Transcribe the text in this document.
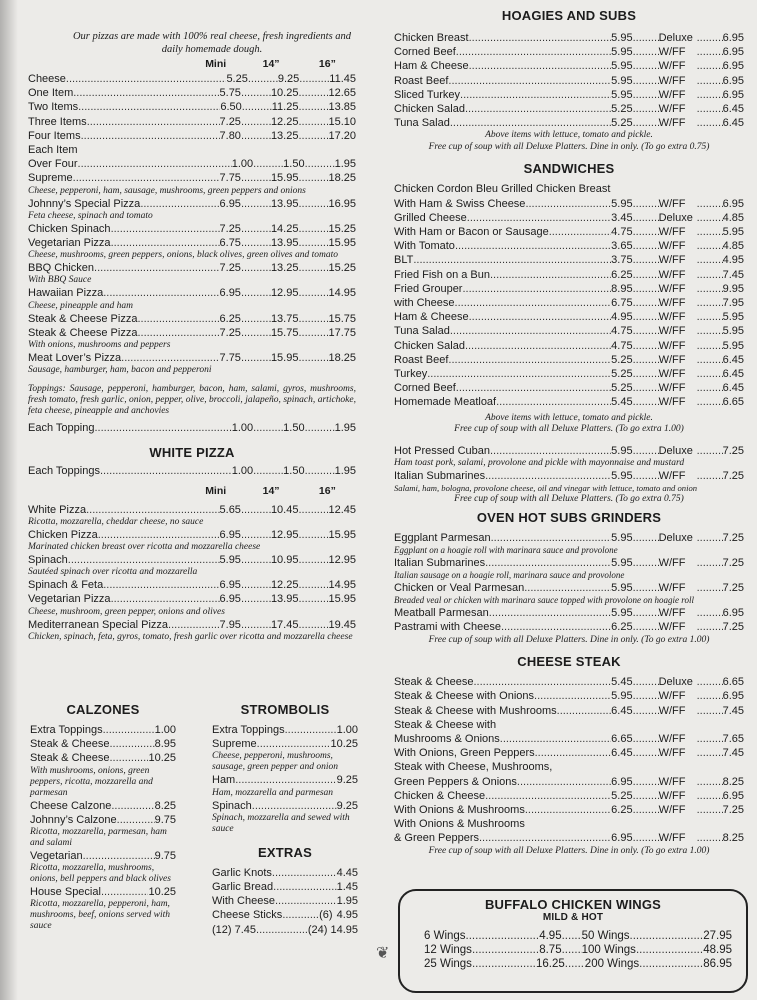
Our pizzas are made with 100% real cheese, fresh ingredients and daily homemade dough.
Mini	14”	16”
Cheese .....	5.25 .....	9.25 .....	11.45
One Item .....	5.75 .....	10.25 .....	12.65
Two Items .....	6.50 .....	11.25 .....	13.85
Three Items .....	7.25 .....	12.25 .....	15.10
Four Items .....	7.80 .....	13.25 .....	17.20
Each Item
Over Four .....	1.00 .....	1.50 .....	1.95
Supreme .....	7.75 .....	15.95 .....	18.25
Cheese, pepperoni, ham, sausage, mushrooms, green peppers and onions
Johnny’s Special Pizza .....	6.95 .....	13.95 .....	16.95
Feta cheese, spinach and tomato
Chicken Spinach .....	7.25 .....	14.25 .....	15.25
Vegetarian Pizza .....	6.75 .....	13.95 .....	15.95
Cheese, mushrooms, green peppers, onions, black olives, green olives and tomato
BBQ Chicken .....	7.25 .....	13.25 .....	15.25
With BBQ Sauce
Hawaiian Pizza .....	6.95 .....	12.95 .....	14.95
Cheese, pineapple and ham
Steak & Cheese Pizza .....	6.25 .....	13.75 .....	15.75
Steak & Cheese Pizza .....	7.25 .....	15.75 .....	17.75
With onions, mushrooms and peppers
Meat Lover’s Pizza .....	7.75 .....	15.95 .....	18.25
Sausage, hamburger, ham, bacon and pepperoni
Toppings: Sausage, pepperoni, hamburger, bacon, ham, salami, gyros, mushrooms, fresh tomato, fresh garlic, onion, pepper, olive, broccoli, jalapeño, spinach, artichoke, feta cheese, pineapple and anchovies
Each Topping .....	1.00 .....	1.50 .....	1.95
WHITE PIZZA
Each Toppings .....	1.00 .....	1.50 .....	1.95
Mini	14”	16”
White Pizza .....	5.65 .....	10.45 .....	12.45
Ricotta, mozzarella, cheddar cheese, no sauce
Chicken Pizza .....	6.95 .....	12.95 .....	15.95
Marinated chicken breast over ricotta and mozzarella cheese
Spinach .....	5.95 .....	10.95 .....	12.95
Sautéed spinach over ricotta and mozzarella
Spinach & Feta .....	6.95 .....	12.25 .....	14.95
Vegetarian Pizza .....	6.95 .....	13.95 .....	15.95
Cheese, mushroom, green pepper, onions and olives
Mediterranean Special Pizza .....	7.95 .....	17.45 .....	19.45
Chicken, spinach, feta, gyros, tomato, fresh garlic over ricotta and mozzarella cheese
CALZONES
Extra Toppings .....	1.00
Steak & Cheese .....	8.95
Steak & Cheese .....	10.25
With mushrooms, onions, green peppers, ricotta, mozzarella and parmesan
Cheese Calzone .....	8.25
Johnny’s Calzone .....	9.75
Ricotta, mozzarella, parmesan, ham and salami
Vegetarian .....	9.75
Ricotta, mozzarella, mushrooms, onions, bell peppers and black olives
House Special .....	10.25
Ricotta, mozzarella, pepperoni, ham, mushrooms, beef, onions served with sauce
STROMBOLIS
Extra Toppings .....	1.00
Supreme .....	10.25
Cheese, pepperoni, mushrooms, sausage, green pepper and onion
Ham .....	9.25
Ham, mozzarella and parmesan
Spinach .....	9.25
Spinach, mozzarella and sewed with sauce
EXTRAS
Garlic Knots .....	4.45
Garlic Bread .....	1.45
With Cheese .....	1.95
Cheese Sticks .....	(6) 4.95
(12) 7.45 .....	(24) 14.95
❦
HOAGIES AND SUBS
Chicken Breast .....	5.95 ..... Deluxe .....	6.95
Corned Beef .....	5.95 ..... W/FF .....	6.95
Ham & Cheese .....	5.95 ..... W/FF .....	6.95
Roast Beef .....	5.95 ..... W/FF .....	6.95
Sliced Turkey .....	5.95 ..... W/FF .....	6.95
Chicken Salad .....	5.25 ..... W/FF .....	6.45
Tuna Salad .....	5.25 ..... W/FF .....	6.45
Above items with lettuce, tomato and pickle.
Free cup of soup with all Deluxe Platters. Dine in only. (To go extra 0.75)
SANDWICHES
Chicken Cordon Bleu Grilled Chicken Breast
With Ham & Swiss Cheese .....	5.95 ..... W/FF .....	6.95
Grilled Cheese .....	3.45 ..... Deluxe .....	4.85
With Ham or Bacon or Sausage .....	4.75 ..... W/FF .....	5.95
With Tomato .....	3.65 ..... W/FF .....	4.85
BLT .....	3.75 ..... W/FF .....	4.95
Fried Fish on a Bun .....	6.25 ..... W/FF .....	7.45
Fried Grouper .....	8.95 ..... W/FF .....	9.95
with Cheese .....	6.75 ..... W/FF .....	7.95
Ham & Cheese .....	4.95 ..... W/FF .....	5.95
Tuna Salad .....	4.75 ..... W/FF .....	5.95
Chicken Salad .....	4.75 ..... W/FF .....	5.95
Roast Beef .....	5.25 ..... W/FF .....	6.45
Turkey .....	5.25 ..... W/FF .....	6.45
Corned Beef .....	5.25 ..... W/FF .....	6.45
Homemade Meatloaf .....	5.45 ..... W/FF .....	6.65
Above items with lettuce, tomato and pickle.
Free cup of soup with all Deluxe Platters. (To go extra 1.00)
Hot Pressed Cuban .....	5.95 ..... Deluxe .....	7.25
Ham toast pork, salami, provolone and pickle with mayonnaise and mustard
Italian Submarines .....	5.95 ..... W/FF .....	7.25
Salami, ham, bologna, provolone cheese, oil and vinegar with lettuce, tomato and onion
Free cup of soup with all Deluxe Platters. (To go extra 0.75)
OVEN HOT SUBS GRINDERS
Eggplant Parmesan .....	5.95 ..... Deluxe .....	7.25
Eggplant on a hoagie roll with marinara sauce and provolone
Italian Submarines .....	5.95 ..... W/FF .....	7.25
Italian sausage on a hoagie roll, marinara sauce and provolone
Chicken or Veal Parmesan .....	5.95 ..... W/FF .....	7.25
Breaded veal or chicken with marinara sauce topped with provolone on hoagie roll
Meatball Parmesan .....	5.95 ..... W/FF .....	6.95
Pastrami with Cheese .....	6.25 ..... W/FF .....	7.25
Free cup of soup with all Deluxe Platters. Dine in only. (To go extra 1.00)
CHEESE STEAK
Steak & Cheese .....	5.45 ..... Deluxe .....	6.65
Steak & Cheese with Onions .....	5.95 ..... W/FF .....	6.95
Steak & Cheese with Mushrooms .....	6.45 ..... W/FF .....	7.45
Steak & Cheese with
Mushrooms & Onions .....	6.65 ..... W/FF .....	7.65
With Onions, Green Peppers .....	6.45 ..... W/FF .....	7.45
Steak with Cheese, Mushrooms,
Green Peppers & Onions .....	6.95 ..... W/FF .....	8.25
Chicken & Cheese .....	5.25 ..... W/FF .....	6.95
With Onions & Mushrooms .....	6.25 ..... W/FF .....	7.25
With Onions & Mushrooms
& Green Peppers .....	6.95 ..... W/FF .....	8.25
Free cup of soup with all Deluxe Platters. Dine in only. (To go extra 1.00)
BUFFALO CHICKEN WINGS
MILD & HOT
6 Wings .....	4.95 ..... 50 Wings .....	27.95
12 Wings .....	8.75 ..... 100 Wings .....	48.95
25 Wings .....	16.25 ..... 200 Wings .....	86.95
